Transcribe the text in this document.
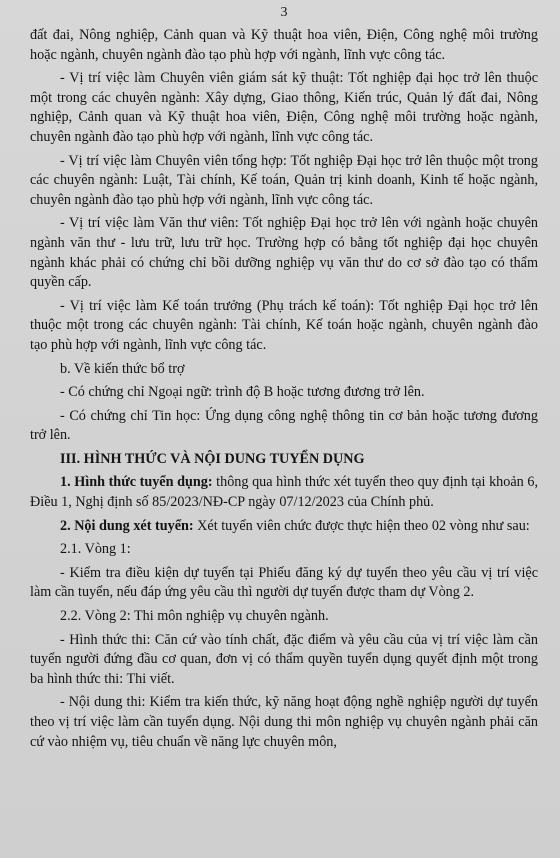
3

đất đai, Nông nghiệp, Cảnh quan và Kỹ thuật hoa viên, Điện, Công nghệ môi trường hoặc ngành, chuyên ngành đào tạo phù hợp với ngành, lĩnh vực công tác.

- Vị trí việc làm Chuyên viên giám sát kỹ thuật: Tốt nghiệp đại học trở lên thuộc một trong các chuyên ngành: Xây dựng, Giao thông, Kiến trúc, Quản lý đất đai, Nông nghiệp, Cảnh quan và Kỹ thuật hoa viên, Điện, Công nghệ môi trường hoặc ngành, chuyên ngành đào tạo phù hợp với ngành, lĩnh vực công tác.

- Vị trí việc làm Chuyên viên tổng hợp: Tốt nghiệp Đại học trở lên thuộc một trong các chuyên ngành: Luật, Tài chính, Kế toán, Quản trị kinh doanh, Kinh tế hoặc ngành, chuyên ngành đào tạo phù hợp với ngành, lĩnh vực công tác.

- Vị trí việc làm Văn thư viên: Tốt nghiệp Đại học trở lên với ngành hoặc chuyên ngành văn thư - lưu trữ, lưu trữ học. Trường hợp có bằng tốt nghiệp đại học chuyên ngành khác phải có chứng chỉ bồi dưỡng nghiệp vụ văn thư do cơ sở đào tạo có thẩm quyền cấp.

- Vị trí việc làm Kế toán trưởng (Phụ trách kế toán): Tốt nghiệp Đại học trở lên thuộc một trong các chuyên ngành: Tài chính, Kế toán hoặc ngành, chuyên ngành đào tạo phù hợp với ngành, lĩnh vực công tác.

b. Về kiến thức bổ trợ

- Có chứng chỉ Ngoại ngữ: trình độ B hoặc tương đương trở lên.

- Có chứng chỉ Tin học: Ứng dụng công nghệ thông tin cơ bản hoặc tương đương trở lên.

III. HÌNH THỨC VÀ NỘI DUNG TUYỂN DỤNG

1. Hình thức tuyển dụng: thông qua hình thức xét tuyển theo quy định tại khoản 6, Điều 1, Nghị định số 85/2023/NĐ-CP ngày 07/12/2023 của Chính phủ.

2. Nội dung xét tuyển: Xét tuyển viên chức được thực hiện theo 02 vòng như sau:

2.1. Vòng 1:

- Kiểm tra điều kiện dự tuyển tại Phiếu đăng ký dự tuyển theo yêu cầu vị trí việc làm cần tuyển, nếu đáp ứng yêu cầu thì người dự tuyển được tham dự Vòng 2.

2.2. Vòng 2: Thi môn nghiệp vụ chuyên ngành.

- Hình thức thi: Căn cứ vào tính chất, đặc điểm và yêu cầu của vị trí việc làm cần tuyển người đứng đầu cơ quan, đơn vị có thẩm quyền tuyển dụng quyết định một trong ba hình thức thi: Thi viết.

- Nội dung thi: Kiểm tra kiến thức, kỹ năng hoạt động nghề nghiệp người dự tuyển theo vị trí việc làm cần tuyển dụng. Nội dung thi môn nghiệp vụ chuyên ngành phải căn cứ vào nhiệm vụ, tiêu chuẩn về năng lực chuyên môn,
